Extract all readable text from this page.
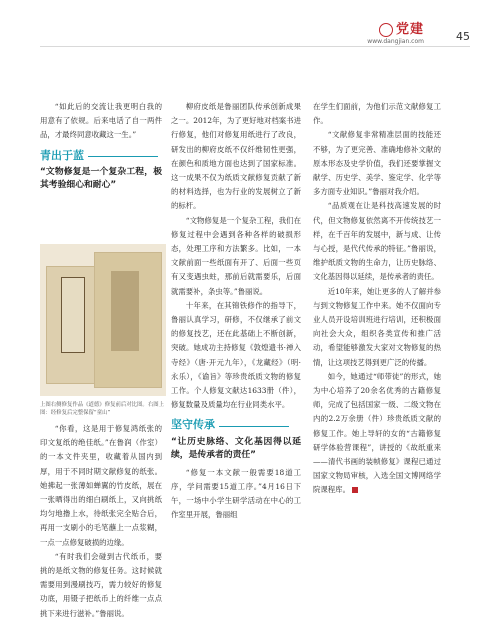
党建
www.dangjian.com	45

“如此后的交流让我更明白我的用意有了依规。后来电话了自一两件品，才最终同意收藏这一生。”

青出于蓝
“文物修复是一个复杂工程，极其考验细心和耐心”
上图右侧修复作品《道德》修复前后对比图。右图上图：经修复后完整保留“童山”

“你看，这是用于修复鸿纸张的印文复纸的绝佳纸。”在鲁润（作室）的一本文件夹里，收藏着从国内到厚，用于不同时期文献修复的纸张。她拂起一张薄如蝉翼的竹皮纸，展在一张晒得出的细白刷纸上，又向挑纸均匀地撸上水，待纸张完全贴合后，再用一支刷小的毛笔蘸上一点浆糊，一点一点修复破损的边缘。

“有时我们会碰到古代纸币，要挑的是纸文物的修复任务。这时候就需要用到漫刷技巧，需力较好的修复功底，用镊子把纸币上的纤维一点点挑下来进行滋补。”鲁丽说。

柳府皮纸是鲁丽团队传承创新成果之一。2012年，为了更好地对档案书进行修复，他们对修复用纸进行了改良，研发出的柳府皮纸不仅纤维韧性更强，在颜色和质地方面也达到了国家标准。这一成果不仅为纸质文献修复贡献了新的材料选择，也为行业的发展树立了新的标杆。

“文物修复是一个复杂工程，我们在修复过程中会遇到各种各样的破损形态，处理工序和方法繁多。比如，一本文献前面一些纸面有开了、后面一些页有又变遇虫蛀，那前后就需要乐，后面就需要补，条虫等。”鲁丽说。

十年来，在其锦铁修作的指导下，鲁丽认真学习，研修，不仅继承了前文的修复技艺，还在此基础上不断创新，突破。她成功主持修复《敦煌遗书·禅入寺经》（唐·开元九年），《龙藏经》（明·永乐），《谕旨》等珍贵纸质文物的修复工作。个人修复文献达1633册（件），修复数量及质量均在行业同类水平。

坚守传承
“让历史脉络、文化基因得以延续，是传承者的责任”

“修复一本文献一般需要18道工序，学问需要15道工序。”4月16日下午，一场中小学生研学活动在中心的工作室里开展，鲁丽组

在学生们面前，为他们示范文献修复工作。

“文献修复非常精准层面的技能还不够，为了更完善、准确地修补文献的原本形态及史学价值，我们还要掌握文献学、历史学、美学、鉴定学、化学等多方面专业知识。”鲁丽对我介绍。

“品质观在让是科技高速发展的时代，但文物修复依然离不开传统技艺一样，在千百年的发展中，新与成、让传与心授，是代代传承的特征。”鲁丽说，维护纸质文物的生命力，让历史脉络、文化基因得以延续，是传承者的责任。

近10年来，她让更多的人了解并参与到文物修复工作中来。她不仅面向专业人员开设培训班进行培训，还积极面向社会大众，组织各类宣传和推广活动，希望能够激发大家对文物修复的热情，让这项技艺得到更广泛的传播。

如今，她通过“师带徒”的形式，她为中心培养了20余名优秀的古籍修复师，完成了包括国家一级、二级文物在内的2.2万余册（件）珍贵纸质文献的修复工作。她上导轩的女的“古籍修复研学体验营课程”，讲授的《故纸重来——清代书画的装帧修复》课程已通过国家文物局审核，入选全国文博网络学院课程库。
